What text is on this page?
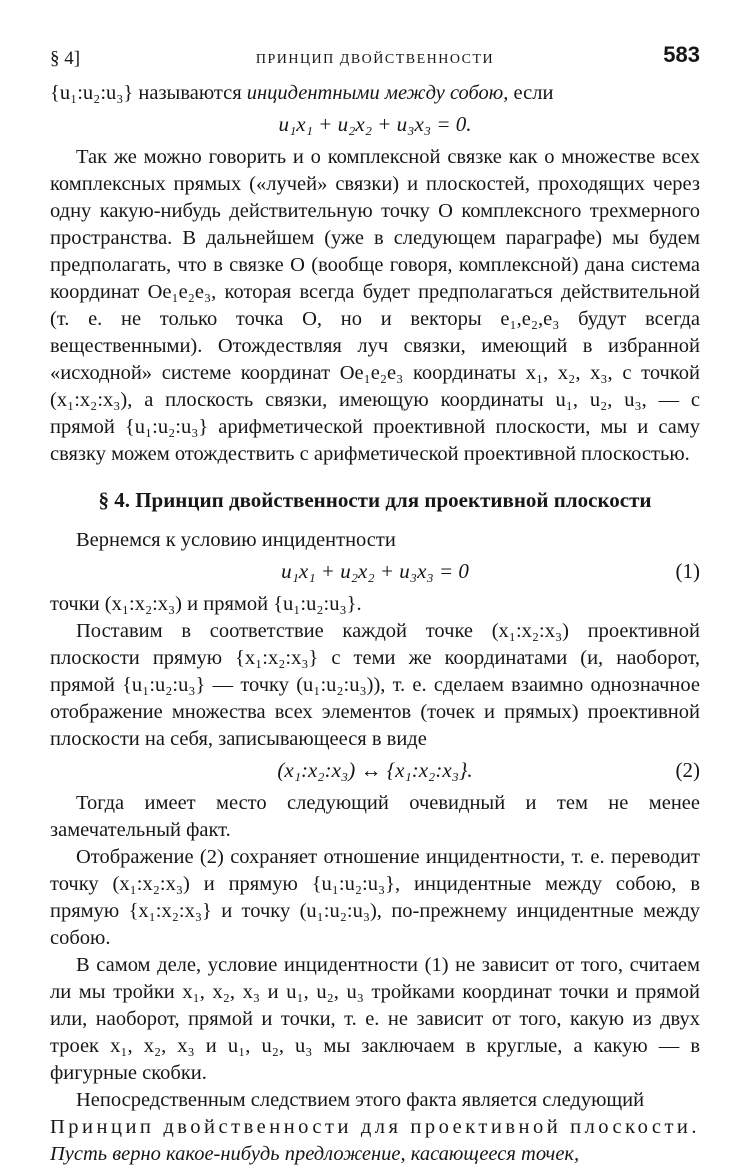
§ 4]	ПРИНЦИП ДВОЙСТВЕННОСТИ	583

{u₁:u₂:u₃} называются инцидентными между собою, если

u₁x₁ + u₂x₂ + u₃x₃ = 0.

Так же можно говорить и о комплексной связке как о множестве всех комплексных прямых («лучей» связки) и плоскостей, проходящих через одну какую-нибудь действительную точку O комплексного трехмерного пространства. В дальнейшем (уже в следующем параграфе) мы будем предполагать, что в связке O (вообще говоря, комплексной) дана система координат Oe₁e₂e₃, которая всегда будет предполагаться действительной (т. е. не только точка O, но и векторы e₁,e₂,e₃ будут всегда вещественными). Отождествляя луч связки, имеющий в избранной «исходной» системе координат Oe₁e₂e₃ координаты x₁, x₂, x₃, с точкой (x₁:x₂:x₃), а плоскость связки, имеющую координаты u₁, u₂, u₃, — с прямой {u₁:u₂:u₃} арифметической проективной плоскости, мы и саму связку можем отождествить с арифметической проективной плоскостью.

§ 4. Принцип двойственности для проективной плоскости

Вернемся к условию инцидентности

u₁x₁ + u₂x₂ + u₃x₃ = 0	(1)

точки (x₁:x₂:x₃) и прямой {u₁:u₂:u₃}.

Поставим в соответствие каждой точке (x₁:x₂:x₃) проективной плоскости прямую {x₁:x₂:x₃} с теми же координатами (и, наоборот, прямой {u₁:u₂:u₃} — точку (u₁:u₂:u₃)), т. е. сделаем взаимно однозначное отображение множества всех элементов (точек и прямых) проективной плоскости на себя, записывающееся в виде

(x₁:x₂:x₃) ↔ {x₁:x₂:x₃}.	(2)

Тогда имеет место следующий очевидный и тем не менее замечательный факт.

Отображение (2) сохраняет отношение инцидентности, т. е. переводит точку (x₁:x₂:x₃) и прямую {u₁:u₂:u₃}, инцидентные между собою, в прямую {x₁:x₂:x₃} и точку (u₁:u₂:u₃), по-прежнему инцидентные между собою.

В самом деле, условие инцидентности (1) не зависит от того, считаем ли мы тройки x₁, x₂, x₃ и u₁, u₂, u₃ тройками координат точки и прямой или, наоборот, прямой и точки, т. е. не зависит от того, какую из двух троек x₁, x₂, x₃ и u₁, u₂, u₃ мы заключаем в круглые, а какую — в фигурные скобки.

Непосредственным следствием этого факта является следующий

Принцип двойственности для проективной плоскости. Пусть верно какое-нибудь предложение, касающееся точек,
